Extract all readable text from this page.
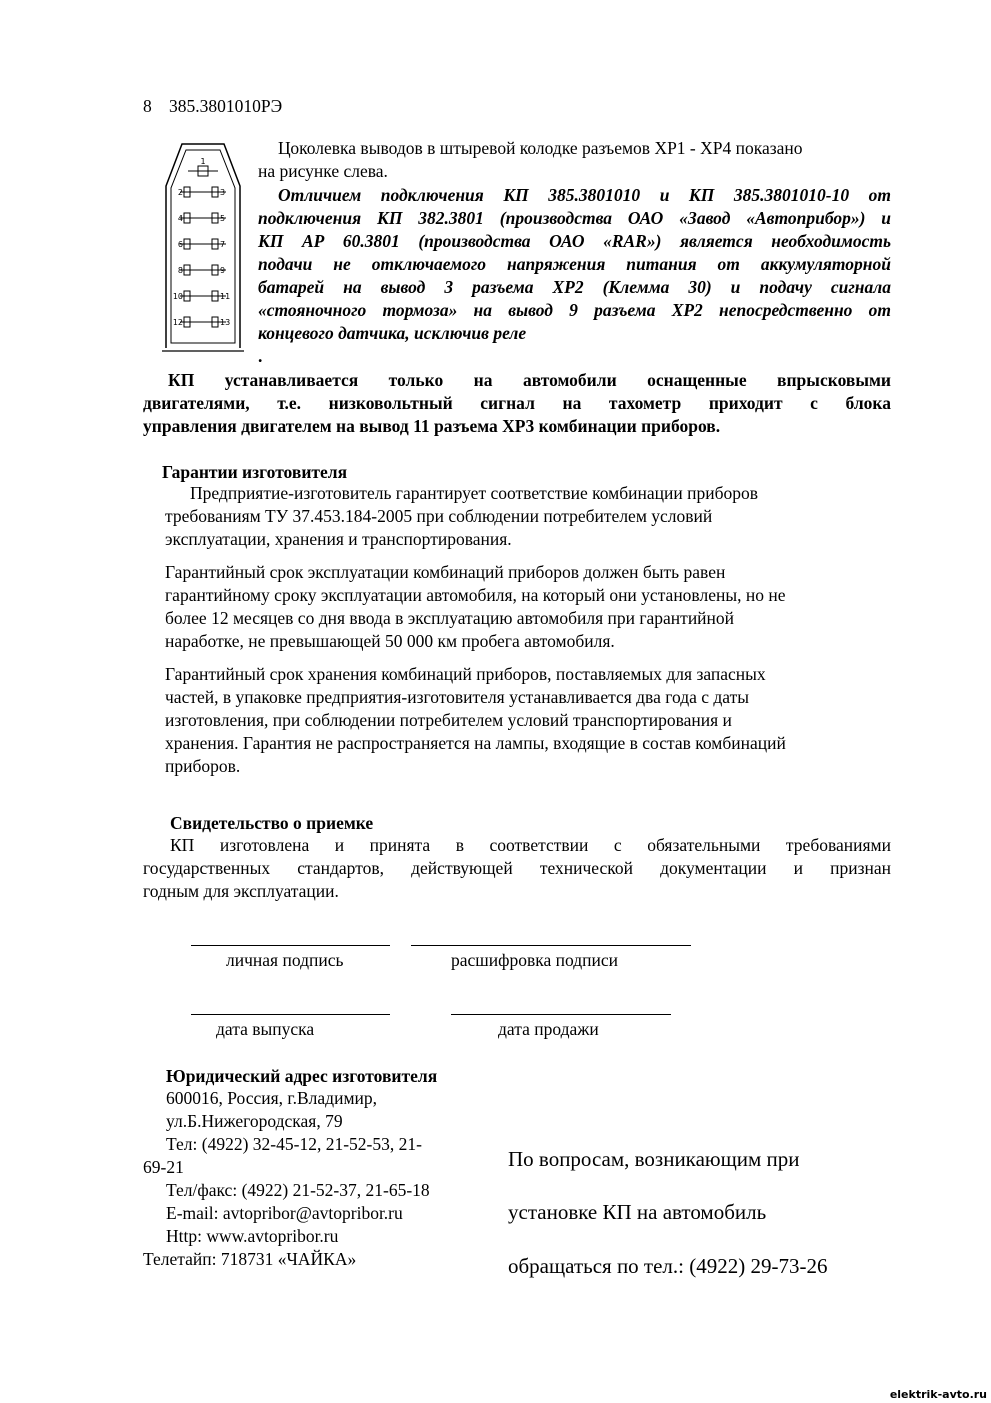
8 385.3801010РЭ
1
2
4
6
8
10
12
3
5
7
9
11
13
Цоколевка выводов в штыревой колодке разъемов ХР1 - ХР4 показано
на рисунке слева.
Отличием подключения КП 385.3801010 и КП 385.3801010-10 от
подключения КП 382.3801 (производства ОАО «Завод «Автоприбор») и
КП АР 60.3801 (производства ОАО «RAR») является необходимость
подачи не отключаемого напряжения питания от аккумуляторной
батарей на вывод 3 разъема ХР2 (Клемма 30) и подачу сигнала
«стояночного тормоза» на вывод 9 разъема ХР2 непосредственно от
концевого датчика, исключив реле
.
КП устанавливается только на автомобили оснащенные впрысковыми
двигателями, т.е. низковольтный сигнал на тахометр приходит с блока
управления двигателем на вывод 11 разъема ХР3 комбинации приборов.
Гарантии изготовителя
Предприятие-изготовитель гарантирует соответствие комбинации приборов
требованиям ТУ 37.453.184-2005 при соблюдении потребителем условий
эксплуатации, хранения и транспортирования.
Гарантийный срок эксплуатации комбинаций приборов должен быть равен
гарантийному сроку эксплуатации автомобиля, на который они установлены, но не
более 12 месяцев со дня ввода в эксплуатацию автомобиля при гарантийной
наработке, не превышающей 50 000 км пробега автомобиля.
Гарантийный срок хранения комбинаций приборов, поставляемых для запасных
частей, в упаковке предприятия-изготовителя устанавливается два года с даты
изготовления, при соблюдении потребителем условий транспортирования и
хранения. Гарантия не распространяется на лампы, входящие в состав комбинаций
приборов.
Свидетельство о приемке
КП изготовлена и принята в соответствии с обязательными требованиями
государственных стандартов, действующей технической документации и признан
годным для эксплуатации.
личная подпись	расшифровка подписи
дата выпуска	дата продажи
Юридический адрес изготовителя
600016, Россия, г.Владимир,
ул.Б.Нижегородская, 79
Тел: (4922) 32-45-12, 21-52-53, 21-
69-21
Тел/факс: (4922) 21-52-37, 21-65-18
E-mail: avtopribor@avtopribor.ru
Http: www.avtopribor.ru
Телетайп: 718731 «ЧАЙКА»
По вопросам, возникающим при
установке КП на автомобиль
обращаться по тел.: (4922) 29-73-26
elektrik-avto.ru
